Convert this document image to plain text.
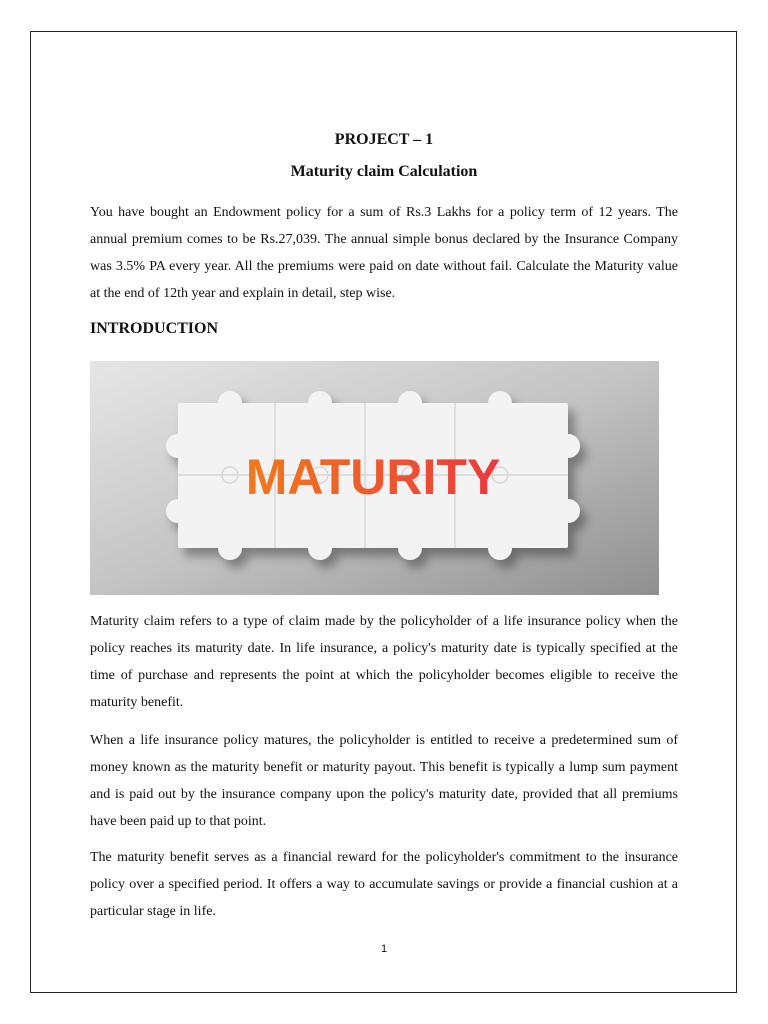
PROJECT – 1
Maturity claim Calculation
You have bought an Endowment policy for a sum of Rs.3 Lakhs for a policy term of 12 years. The annual premium comes to be Rs.27,039. The annual simple bonus declared by the Insurance Company was 3.5% PA every year. All the premiums were paid on date without fail. Calculate the Maturity value at the end of 12th year and explain in detail, step wise.
INTRODUCTION
MATURITY
Maturity claim refers to a type of claim made by the policyholder of a life insurance policy when the policy reaches its maturity date. In life insurance, a policy's maturity date is typically specified at the time of purchase and represents the point at which the policyholder becomes eligible to receive the maturity benefit.
When a life insurance policy matures, the policyholder is entitled to receive a predetermined sum of money known as the maturity benefit or maturity payout. This benefit is typically a lump sum payment and is paid out by the insurance company upon the policy's maturity date, provided that all premiums have been paid up to that point.
The maturity benefit serves as a financial reward for the policyholder's commitment to the insurance policy over a specified period. It offers a way to accumulate savings or provide a financial cushion at a particular stage in life.
1
